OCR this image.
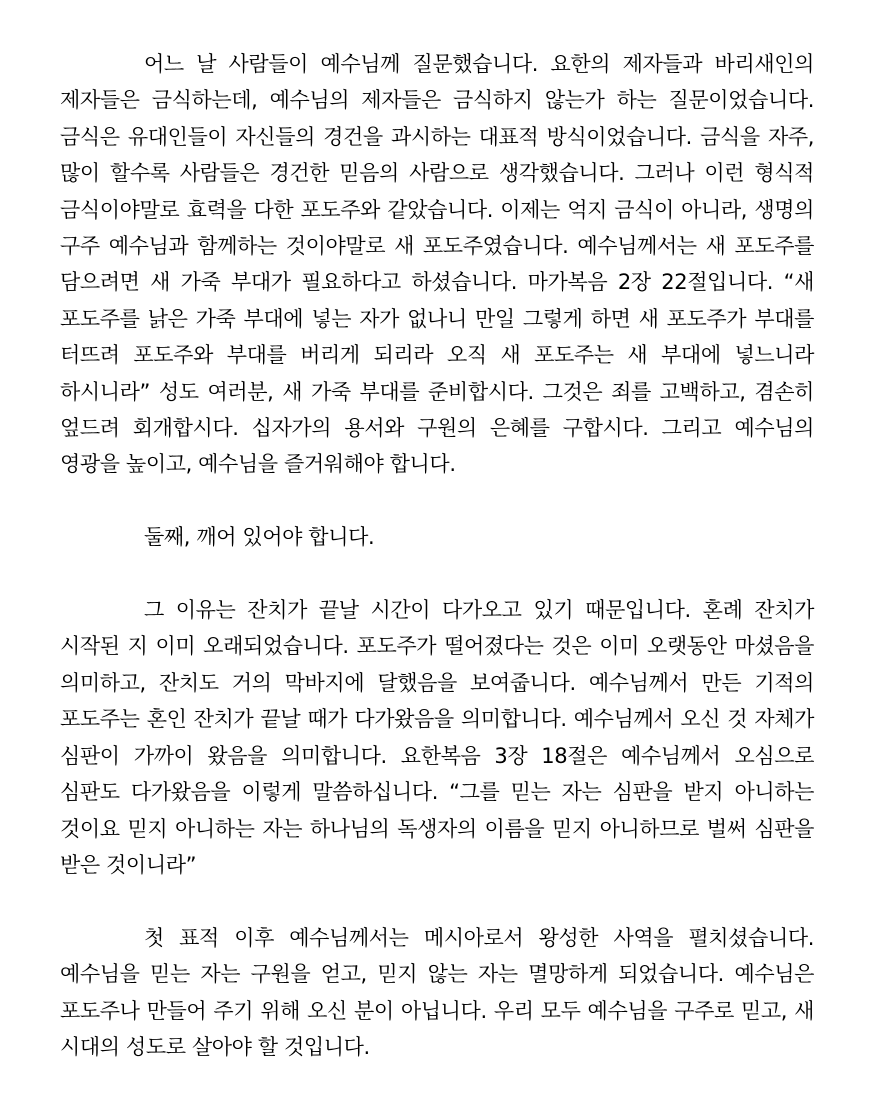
어느 날 사람들이 예수님께 질문했습니다. 요한의 제자들과 바리새인의 제자들은 금식하는데, 예수님의 제자들은 금식하지 않는가 하는 질문이었습니다. 금식은 유대인들이 자신들의 경건을 과시하는 대표적 방식이었습니다. 금식을 자주, 많이 할수록 사람들은 경건한 믿음의 사람으로 생각했습니다. 그러나 이런 형식적 금식이야말로 효력을 다한 포도주와 같았습니다. 이제는 억지 금식이 아니라, 생명의 구주 예수님과 함께하는 것이야말로 새 포도주였습니다. 예수님께서는 새 포도주를 담으려면 새 가죽 부대가 필요하다고 하셨습니다. 마가복음 2장 22절입니다. “새 포도주를 낡은 가죽 부대에 넣는 자가 없나니 만일 그렇게 하면 새 포도주가 부대를 터뜨려 포도주와 부대를 버리게 되리라 오직 새 포도주는 새 부대에 넣느니라 하시니라” 성도 여러분, 새 가죽 부대를 준비합시다. 그것은 죄를 고백하고, 겸손히 엎드려 회개합시다. 십자가의 용서와 구원의 은혜를 구합시다. 그리고 예수님의 영광을 높이고, 예수님을 즐거워해야 합니다.

둘째, 깨어 있어야 합니다.

그 이유는 잔치가 끝날 시간이 다가오고 있기 때문입니다. 혼례 잔치가 시작된 지 이미 오래되었습니다. 포도주가 떨어졌다는 것은 이미 오랫동안 마셨음을 의미하고, 잔치도 거의 막바지에 달했음을 보여줍니다. 예수님께서 만든 기적의 포도주는 혼인 잔치가 끝날 때가 다가왔음을 의미합니다. 예수님께서 오신 것 자체가 심판이 가까이 왔음을 의미합니다. 요한복음 3장 18절은 예수님께서 오심으로 심판도 다가왔음을 이렇게 말씀하십니다. “그를 믿는 자는 심판을 받지 아니하는 것이요 믿지 아니하는 자는 하나님의 독생자의 이름을 믿지 아니하므로 벌써 심판을 받은 것이니라”

첫 표적 이후 예수님께서는 메시아로서 왕성한 사역을 펼치셨습니다. 예수님을 믿는 자는 구원을 얻고, 믿지 않는 자는 멸망하게 되었습니다. 예수님은 포도주나 만들어 주기 위해 오신 분이 아닙니다. 우리 모두 예수님을 구주로 믿고, 새 시대의 성도로 살아야 할 것입니다.
